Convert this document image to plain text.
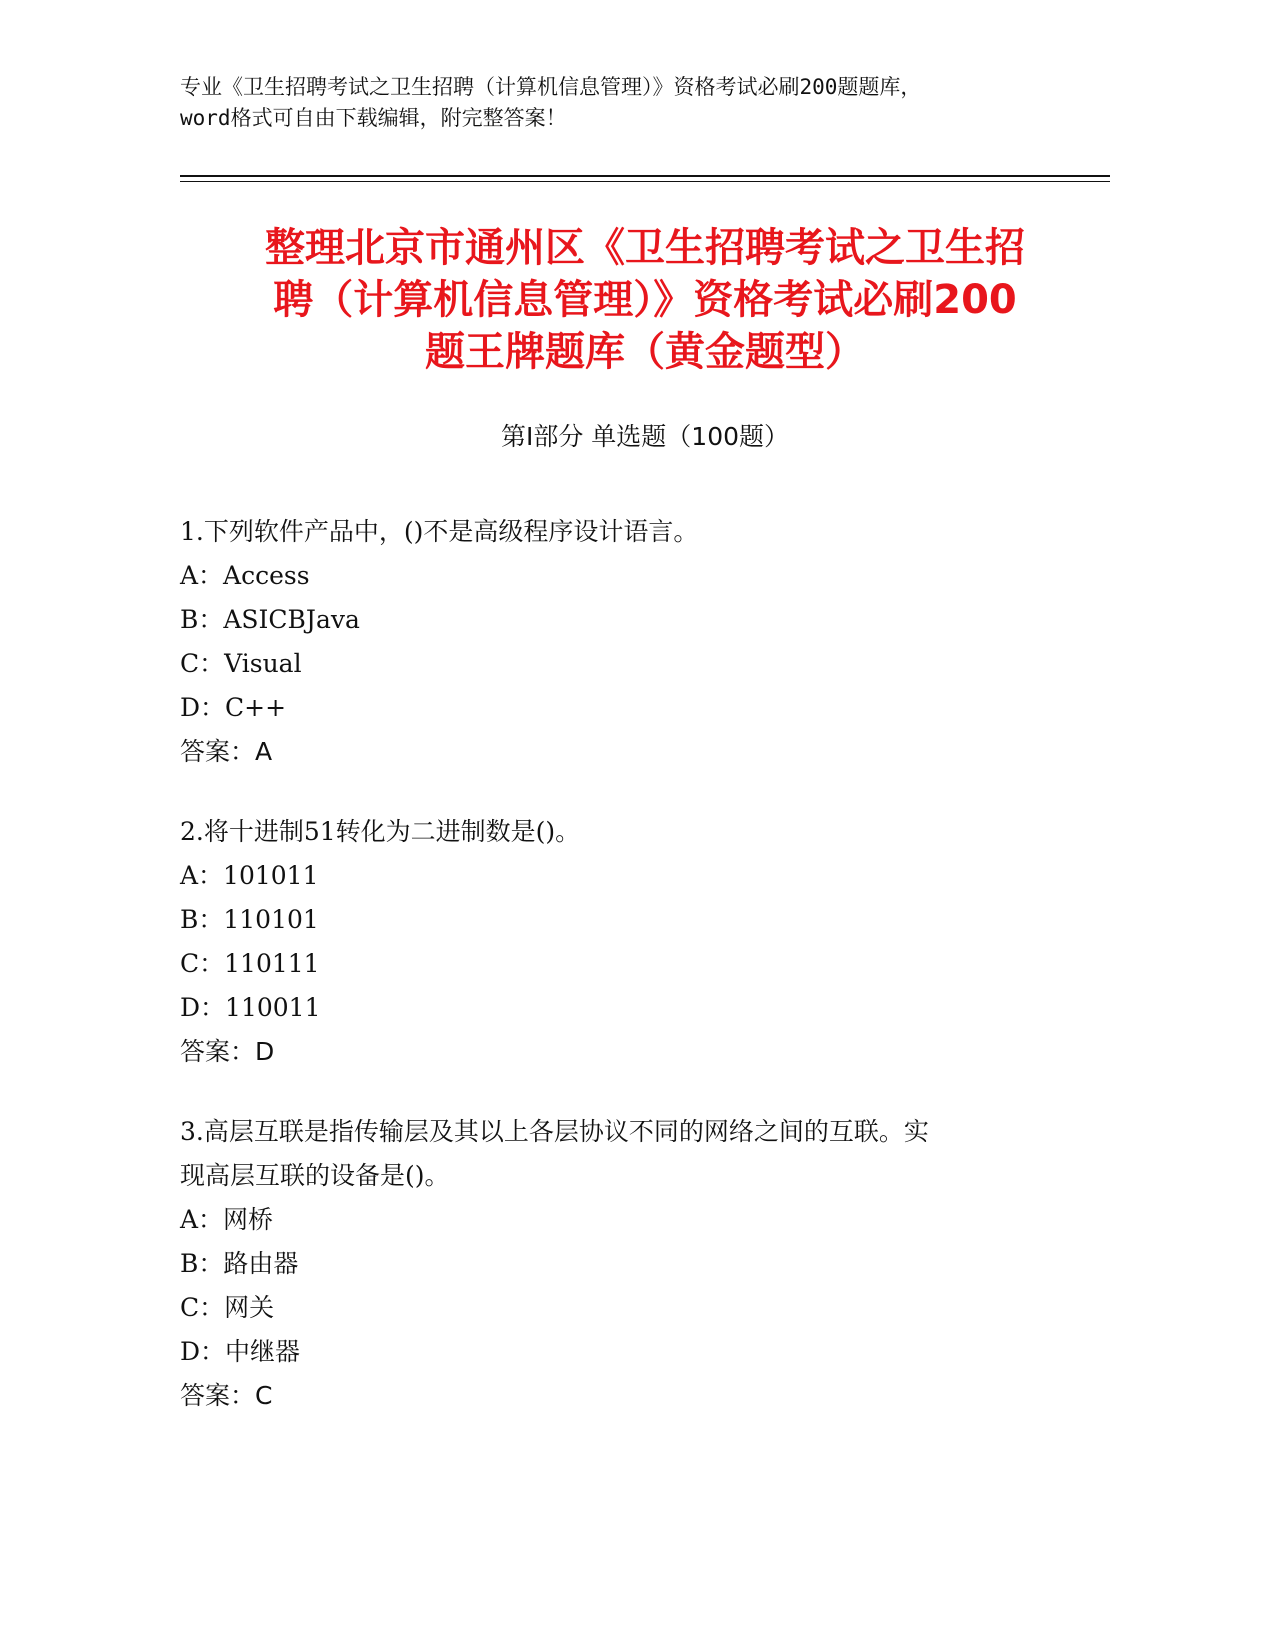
专业《卫生招聘考试之卫生招聘（计算机信息管理）》资格考试必刷200题题库，
word格式可自由下载编辑，附完整答案！
整理北京市通州区《卫生招聘考试之卫生招
聘（计算机信息管理）》资格考试必刷200
题王牌题库（黄金题型）
第Ⅰ部分 单选题（100题）
1.下列软件产品中，()不是高级程序设计语言。
A：Access
B：ASICBJava
C：Visual
D：C++
答案：A
2.将十进制51转化为二进制数是()。
A：101011
B：110101
C：110111
D：110011
答案：D
3.高层互联是指传输层及其以上各层协议不同的网络之间的互联。实
现高层互联的设备是()。
A：网桥
B：路由器
C：网关
D：中继器
答案：C
